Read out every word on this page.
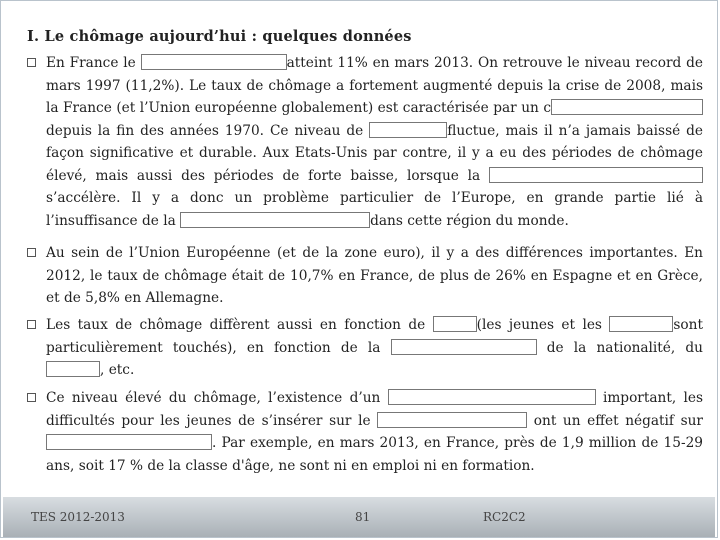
I. Le chômage aujourd’hui : quelques données
En France le	atteint 11% en mars 2013. On retrouve le niveau record de mars 1997 (11,2%). Le taux de chômage a fortement augmenté depuis la crise de 2008, mais la France (et l’Union européenne globalement) est caractérisée par un c depuis la fin des années 1970. Ce niveau de	fluctue, mais il n’a jamais baissé de façon significative et durable. Aux Etats-Unis par contre, il y a eu des périodes de chômage élevé, mais aussi des périodes de forte baisse, lorsque la  s’accélère. Il y a donc un problème particulier de l’Europe, en grande partie lié à l’insuffisance de la	dans cette région du monde.
Au sein de l’Union Européenne (et de la zone euro), il y a des différences importantes. En 2012, le taux de chômage était de 10,7% en France, de plus de 26% en Espagne et en Grèce, et de 5,8% en Allemagne.
Les taux de chômage diffèrent aussi en fonction de	(les jeunes et les	sont particulièrement touchés), en fonction de la	de la nationalité, du , etc.
Ce niveau élevé du chômage, l’existence d’un	important, les difficultés pour les jeunes de s’insérer sur le	ont un effet négatif sur . Par exemple, en mars 2013, en France, près de 1,9 million de 15-29 ans, soit 17 % de la classe d'âge, ne sont ni en emploi ni en formation.
TES 2012-2013	81	RC2C2
